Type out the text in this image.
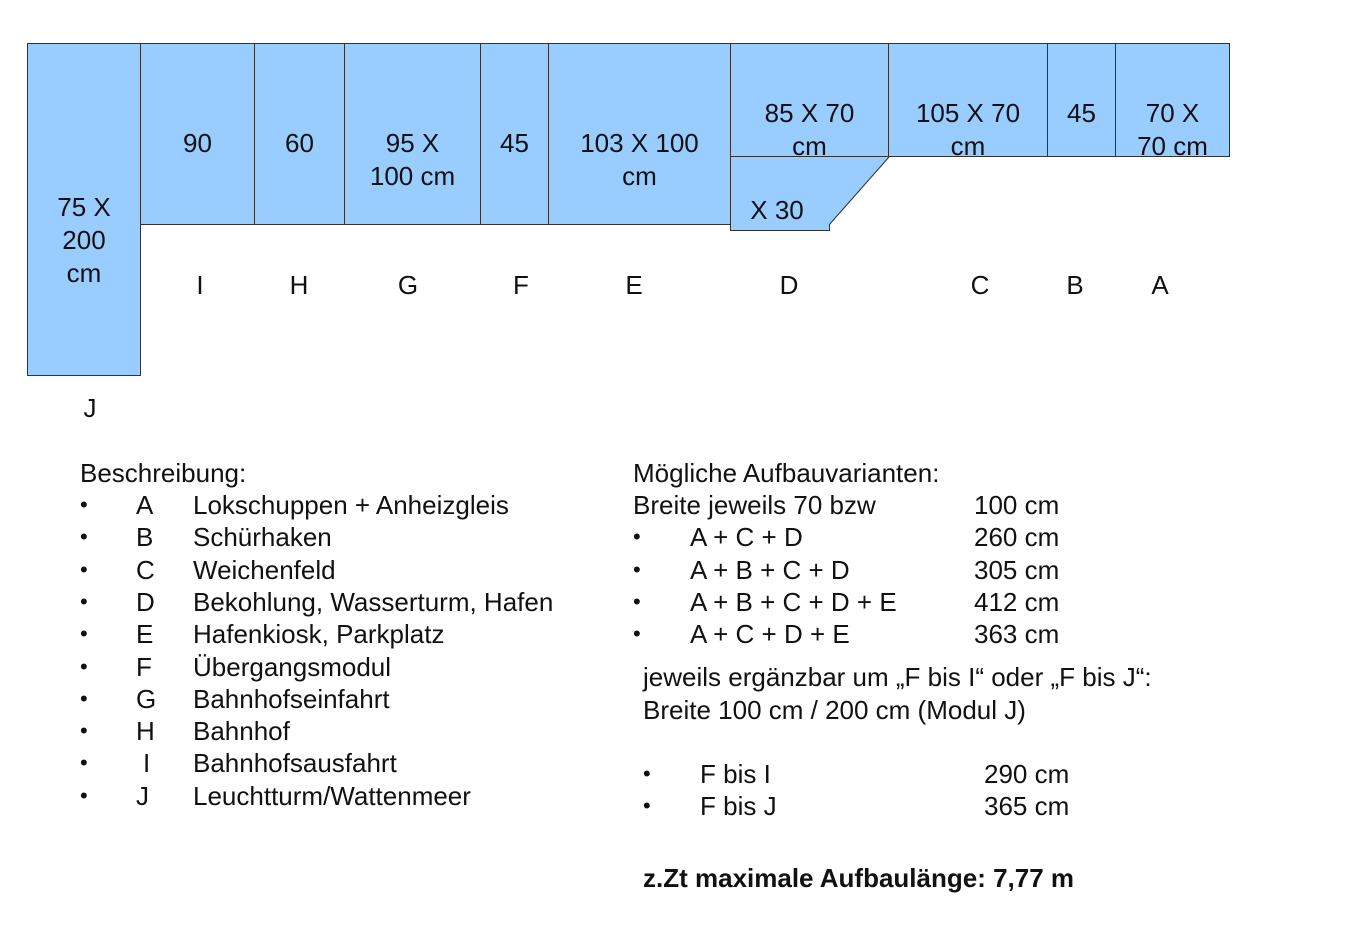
75 X
200
cm
90	60	95 X
100 cm
45	103 X 100
cm
85 X 70
cm
X 30
105 X 70
cm
45	70 X
70 cm
I	H	G	F	E	D	C	B	A
J
Beschreibung:
• A Lokschuppen + Anheizgleis
• B Schürhaken
• C Weichenfeld
• D Bekohlung, Wasserturm, Hafen
• E Hafenkiosk, Parkplatz
• F Übergangsmodul
• G Bahnhofseinfahrt
• H Bahnhof
• I Bahnhofsausfahrt
• J Leuchtturm/Wattenmeer
Mögliche Aufbauvarianten:
Breite jeweils 70 bzw	100 cm
• A + C + D	260 cm
• A + B + C + D	305 cm
• A + B + C + D + E	412 cm
• A + C + D + E	363 cm
jeweils ergänzbar um „F bis I“ oder „F bis J“:
Breite 100 cm / 200 cm (Modul J)
• F bis I	290 cm
• F bis J	365 cm
z.Zt maximale Aufbaulänge: 7,77 m
